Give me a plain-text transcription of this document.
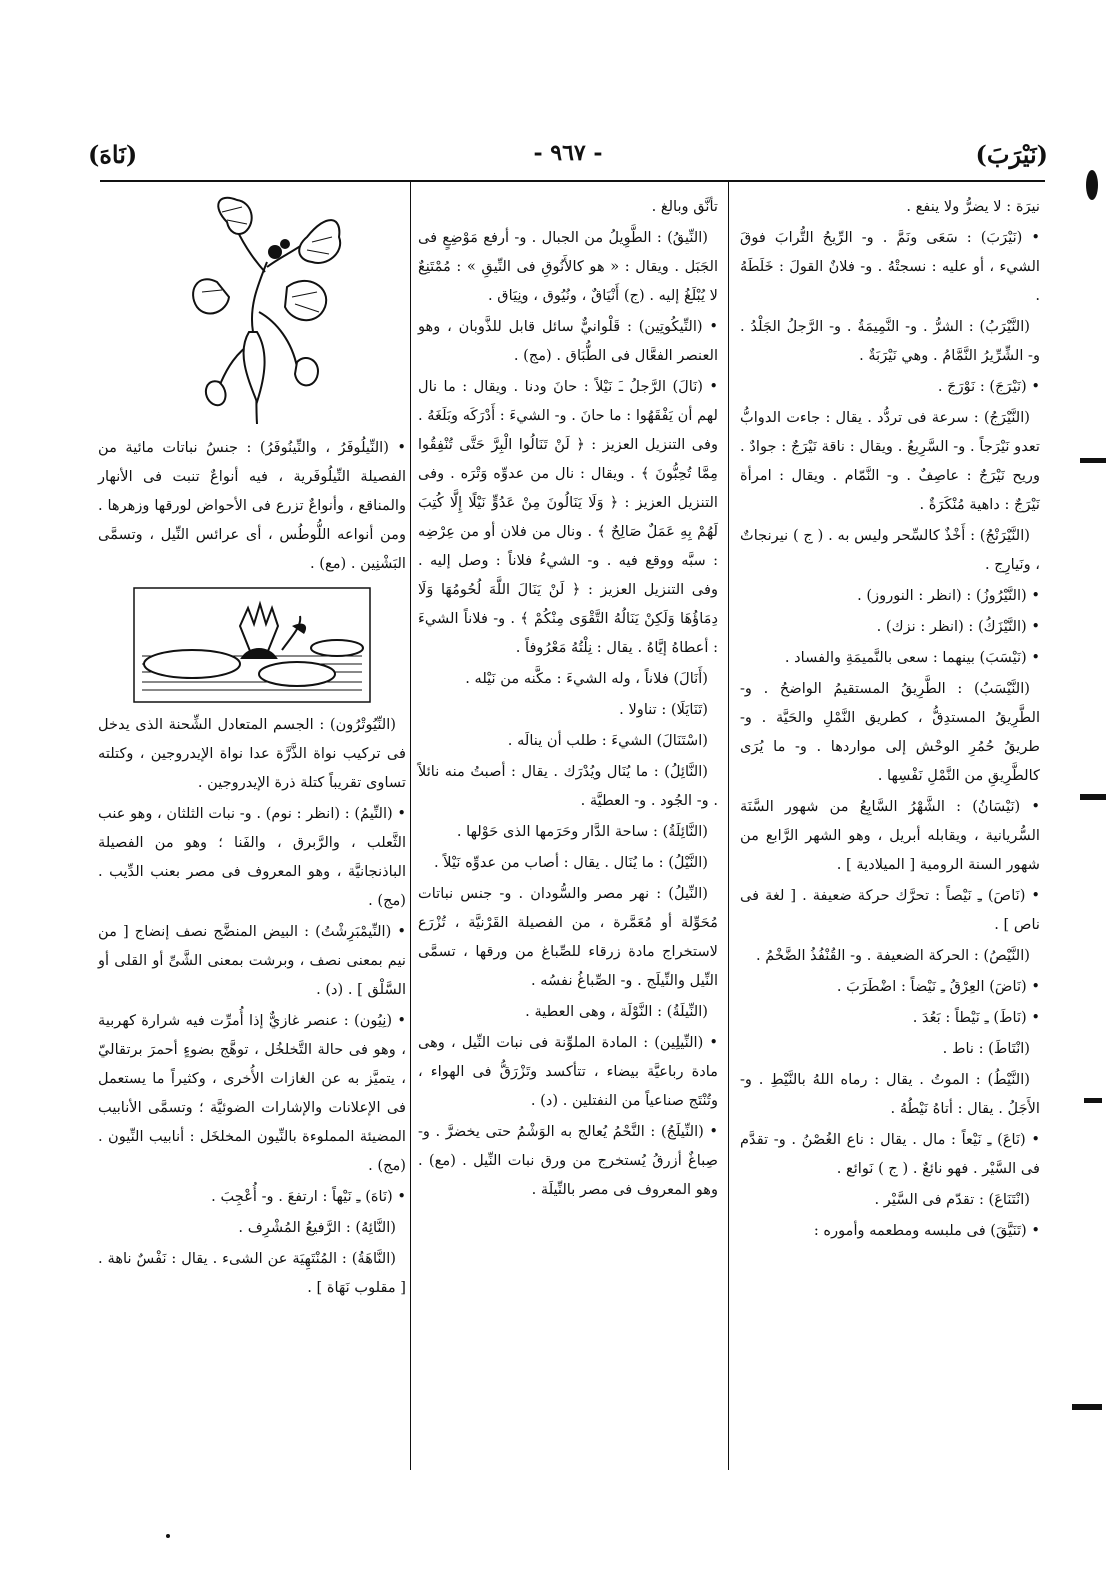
(نَيْرَبَ)
- ٩٦٧ -
(نَاهَ)

نيرَة : لا يضرُّ ولا ينفع .

• (نَيْرَبَ) : سَعَى ونَمَّ . و- الرِّيحُ التُّرابَ فوقَ الشيء ، أو عليه : نسجتْهُ . و- فلانٌ القولَ : خَلَطَهُ .

(النَّيْرَبُ) : الشرُّ . و- النَّمِيمَةُ . و- الرَّجلُ الجَلْدُ . و- الشِّرِّيرُ النَّمَّامُ . وهي نَيْرَبَةٌ .

• (نَيْرَجَ) : نَوْرَجَ .

(النَّيْرَجُ) : سرعة فى تردُّد . يقال : جاءت الدوابُّ تعدو نَيْرَجاً . و- السَّرِيعُ . ويقال : ناقة نَيْرَجٌ : جوادٌ . وريح نَيْرَجٌ : عاصِفٌ . و- النَّمّام . ويقال : امرأة نَيْرَجٌ : داهية مُنْكَرَةٌ .

(النَّيْرَنْجُ) : أَخْذٌ كالسِّحر وليس به . ( ج ) نيرنجاتٌ ، ونَيارِج .

• (النَّيْرُوزُ) : (انظر : النوروز) .

• (النَّيْزَكُ) : (انظر : نزك) .

• (نَيْسَبَ) بينهما : سعى بالنَّميمَةِ والفساد .

(النَّيْسَبُ) : الطَّرِيقُ المستقيمُ الواضحُ . و- الطَّرِيقُ المستدِقُّ ، كطريق النَّمْلِ والحَيَّة . و- طريقُ حُمُرِ الوحْش إلى مواردها . و- ما يُرَى كالطَّرِيقِ من النَّمْلِ نَفْسِها .

• (نَيْسَانُ) : الشَّهْرُ السَّابِعُ من شهور السَّنَة السُّريانية ، ويقابله أبريل ، وهو الشهر الرَّابع من شهور السنة الرومية [ الميلادية ] .

• (نَاصَ) ـِ نَيْصاً : تحرَّك حركة ضعيفة . [ لغة فى ناص ] .

(النَّيْصُ) : الحركة الضعيفة . و- القُنْفُذُ الضَّخْمُ .

• (نَاضَ) العِرْقُ ـِ نَيْضاً : اضْطَرَبَ .

• (نَاطَ) ـِ نَيْطاً : بَعُدَ .

(انْتَاطَ) : ناط .

(النَّيْطُ) : الموتُ . يقال : رماه اللهُ بالنَّيْطِ . و- الأَجَلُ . يقال : أتاهُ نَيْطُهُ .

• (نَاعَ) ـِ نَيْعاً : مال . يقال : ناع الغُصْنُ . و- تقدَّم فى السَّيْر . فهو نائعٌ . ( ج ) نَوائع .

(انْتَنَاعَ) : تقدّم فى السَّيْر .

• (تَنَيَّقَ) فى ملبسه ومطعمه وأموره :

تأنَّق وبالغ .

(النِّيقُ) : الطَّوِيلُ من الجبال . و- أرفع مَوْضِعٍ فى الجَبَل . ويقال : « هو كالأَنُوقِ فى النِّيقِ » : مُمْتَنِعٌ لا يُبْلَغُ إليه . (ج) أَنْيَاقٌ ، ونُيُوق ، ونِيَاق .

• (النِّيكُوتِين) : قَلْوانيٌّ سائل قابل للذَّوبان ، وهو العنصر الفعَّال فى الطُّبَاق . (مج) .

• (نَالَ) الرَّجلُ ـَ نَيْلاً : حانَ ودنا . ويقال : ما نال لهم أن يَفْقَهُوا : ما حانَ . و- الشيءَ : أَدْرَكَه وبَلَغَهُ . وفى التنزيل العزيز : ﴿ لَنْ تَنَالُوا الْبِرَّ حَتَّى تُنْفِقُوا مِمَّا تُحِبُّونَ ﴾ . ويقال : نال من عدوِّه وَتْرَه . وفى التنزيل العزيز : ﴿ وَلَا يَنَالُونَ مِنْ عَدُوٍّ نَيْلًا إِلَّا كُتِبَ لَهُمْ بِهِ عَمَلٌ صَالِحٌ ﴾ . ونال من فلان أو من عِرْضِه : سبَّه ووقع فيه . و- الشيءُ فلاناً : وصل إليه . وفى التنزيل العزيز : ﴿ لَنْ يَنَالَ اللَّهَ لُحُومُهَا وَلَا دِمَاؤُهَا وَلَكِنْ يَنَالُهُ التَّقْوَى مِنْكُمْ ﴾ . و- فلاناً الشيءَ : أعطاهُ إيَّاهُ . يقال : نِلْتُهُ مَعْرُوفاً .

(أَنَالَ) فلاناً ، وله الشيءَ : مكَّنه من نَيْله .

(تَنَايَلَا) : تناولا .

(اسْتَنَالَ) الشيءَ : طلب أن ينالَه .

(النَّائِلُ) : ما يُنَال ويُدْرَك . يقال : أصبتُ منه نائلاً . و- الجُود . و- العطيَّة .

(النَّائِلَةُ) : ساحة الدَّار وحَرَمها الذى حَوْلها .

(النَّيْلُ) : ما يُنَال . يقال : أصاب من عدوِّه نَيْلاً .

(النِّيلُ) : نهر مصر والسُّودان . و- جنس نباتات مُحَوِّلة أو مُعَمَّرة ، من الفصيلة القَرْنيَّة ، تُزْرَع لاستخراج مادة زرقاء للصِّباغ من ورقها ، تسمَّى النِّيل والنِّيلَج . و- الصِّباغُ نفسُه .

(النِّيلَةُ) : النَّوْلَة ، وهى العطية .

• (النِّيلِين) : المادة الملوِّنة فى نبات النِّيل ، وهى مادة رباعيَّة بيضاء ، تتأكسد وتَزْرَقُّ فى الهواء ، وتُنْتَج صناعياً من النفتلين . (د) .

• (النِّيلَجُ) : النَّحْمُ يُعالج به الوَشْمُ حتى يخضرَّ . و- صِباغٌ أزرقُ يُستخرج من ورق نبات النِّيل . (مع) . وهو المعروف فى مصر بالنِّيلَة .

• (النِّيلُوفَرُ ، والنِّينُوفَرُ) : جنسُ نباتات مائية من الفصيلة النِّيلُوفَرية ، فيه أنواعٌ تنبت فى الأنهار والمناقع ، وأنواعٌ تزرع فى الأحواض لورقها وزهرها . ومن أنواعه اللُّوطُس ، أى عرائس النِّيل ، وتسمَّى البَشْنِين . (مع) .

(النِّيُوتْرُون) : الجسم المتعادل الشِّحنة الذى يدخل فى تركيب نواة الذَّرَّة عدا نواة الإيدروجين ، وكتلته تساوى تقريباً كتلة ذرة الإيدروجين .

• (النِّيمُ) : (انظر : نوم) . و- نبات الثلثان ، وهو عنب الثَّعلب ، والرَّبرق ، والفَنا ؛ وهو من الفصيلة الباذنجانيَّة ، وهو المعروف فى مصر بعنب الدِّيب . (مج) .

• (النِّيمْبَرِشْتُ) : البيض المنضَّج نصف إنضاج [ من نيم بمعنى نصف ، وبرشت بمعنى الشَّىِّ أو القلى أو السَّلْق ] . (د) .

• (نِيُون) : عنصر غازيٌّ إذا أُمرِّت فيه شرارة كهربية ، وهو فى حالة التَّخلخُل ، توهَّج بضوءٍ أحمرَ برتقاليّ ، يتميَّز به عن الغازات الأُخرى ، وكثيراً ما يستعمل فى الإعلانات والإشارات الضوئيَّة ؛ وتسمَّى الأنابيب المضيئة المملوءة بالنِّيون المخلخَل : أنابيب النِّيون . (مج) .

• (نَاهَ) ـِ نَيْهاً : ارتفعَ . و- أُعْجِبَ .

(النَّائِهُ) : الرَّفيعُ المُشْرِف .

(النَّاهَةُ) : المُنْتَهِيَة عن الشىء . يقال : نَفْسٌ ناهة . [ مقلوب نَهَاة ] .
